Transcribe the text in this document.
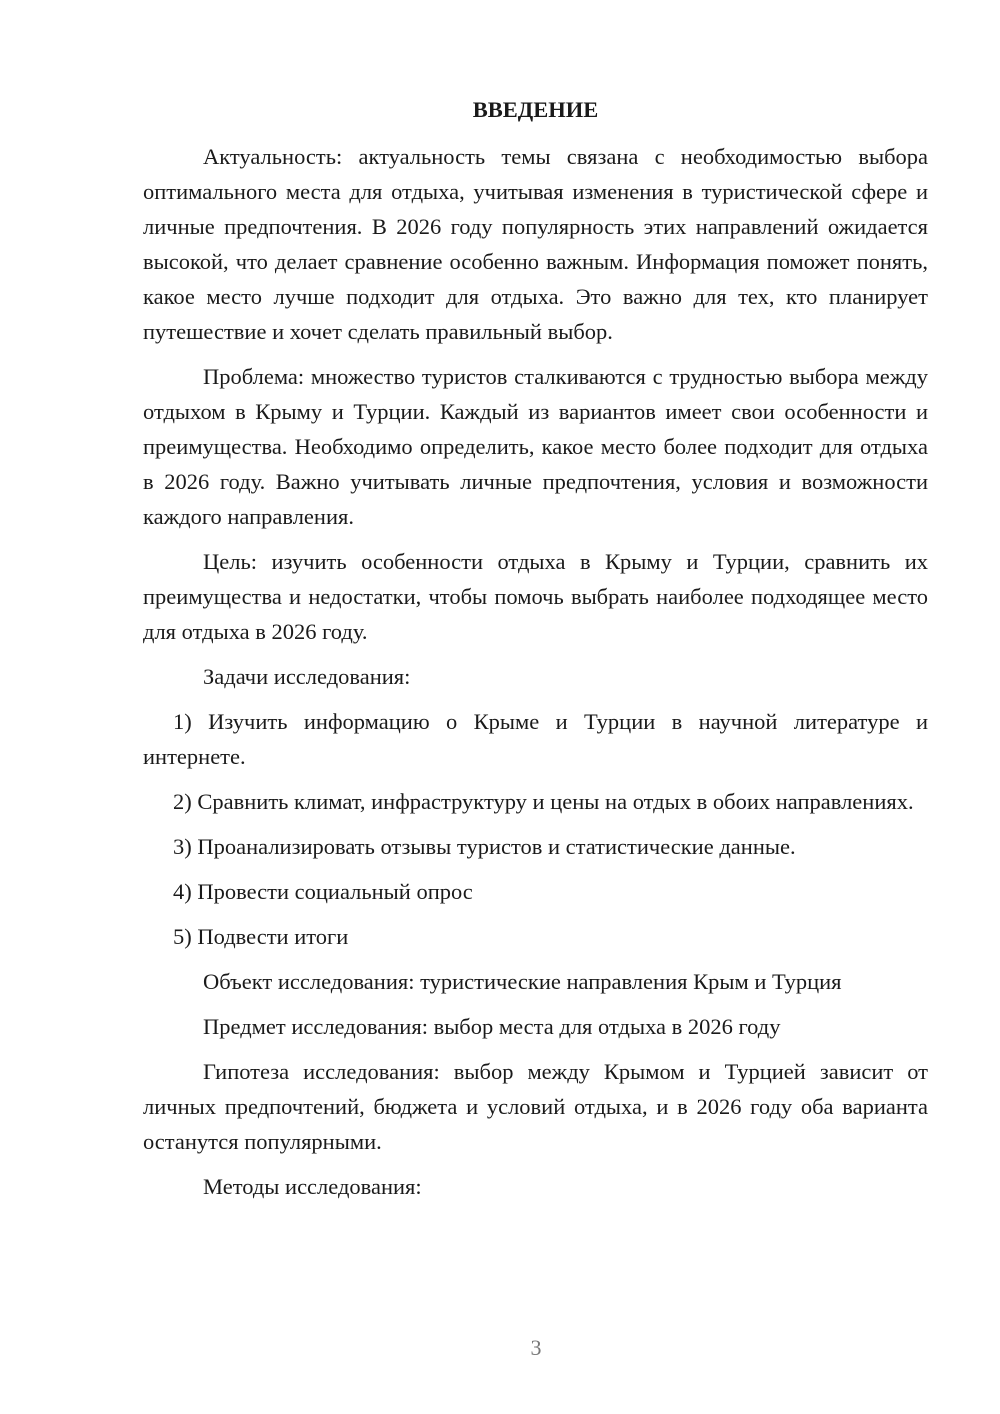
ВВЕДЕНИЕ

Актуальность: актуальность темы связана с необходимостью выбора оптимального места для отдыха, учитывая изменения в туристической сфере и личные предпочтения. В 2026 году популярность этих направлений ожидается высокой, что делает сравнение особенно важным. Информация поможет понять, какое место лучше подходит для отдыха. Это важно для тех, кто планирует путешествие и хочет сделать правильный выбор.

Проблема: множество туристов сталкиваются с трудностью выбора между отдыхом в Крыму и Турции. Каждый из вариантов имеет свои особенности и преимущества. Необходимо определить, какое место более подходит для отдыха в 2026 году. Важно учитывать личные предпочтения, условия и возможности каждого направления.

Цель: изучить особенности отдыха в Крыму и Турции, сравнить их преимущества и недостатки, чтобы помочь выбрать наиболее подходящее место для отдыха в 2026 году.

Задачи исследования:

1) Изучить информацию о Крыме и Турции в научной литературе и интернете.

2) Сравнить климат, инфраструктуру и цены на отдых в обоих направлениях.

3) Проанализировать отзывы туристов и статистические данные.

4) Провести социальный опрос

5) Подвести итоги

Объект исследования: туристические направления Крым и Турция

Предмет исследования: выбор места для отдыха в 2026 году

Гипотеза исследования: выбор между Крымом и Турцией зависит от личных предпочтений, бюджета и условий отдыха, и в 2026 году оба варианта останутся популярными.

Методы исследования:

3
